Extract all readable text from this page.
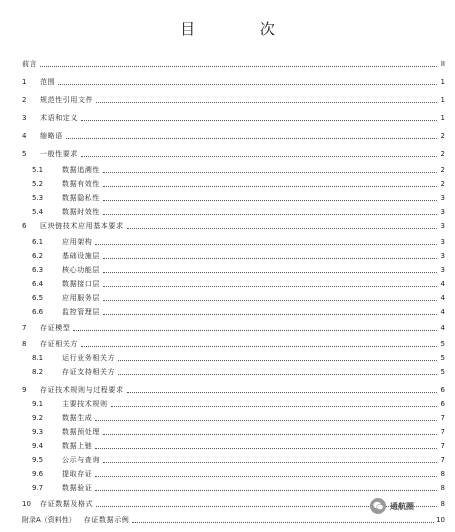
目 次
前言	II
1	范围	1
2	规范性引用文件	1
3	术语和定义	1
4	缩略语	2
5	一般性要求	2
5.1	数据追溯性	2
5.2	数据有效性	2
5.3	数据隐私性	3
5.4	数据时效性	3
6	区块链技术应用基本要求	3
6.1	应用架构	3
6.2	基础设施层	3
6.3	核心功能层	3
6.4	数据接口层	4
6.5	应用服务层	4
6.6	监控管理层	4
7	存证模型	4
8	存证相关方	5
8.1	运行业务相关方	5
8.2	存证支持相关方	5
9	存证技术规则与过程要求	6
9.1	主要技术规则	6
9.2	数据生成	7
9.3	数据预处理	7
9.4	数据上链	7
9.5	公示与查询	7
9.6	提取存证	8
9.7	数据验证	8
10	存证数据及格式	8
附录A（资料性） 存证数据示例	10
通航圈
